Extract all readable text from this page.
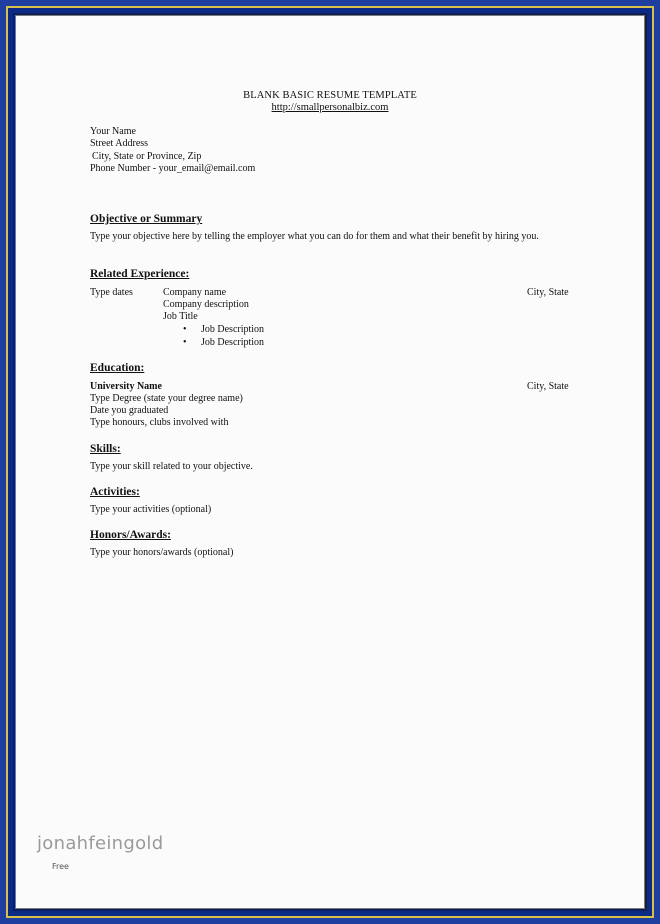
BLANK BASIC RESUME TEMPLATE
http://smallpersonalbiz.com
Your Name
Street Address
City, State or Province, Zip
Phone Number - your_email@email.com
Objective or Summary
Type your objective here by telling the employer what you can do for them and what their benefit by hiring you.
Related Experience:
Type dates	Company name	City, State
Company description
Job Title
• Job Description
• Job Description
Education:
University Name	City, State
Type Degree (state your degree name)
Date you graduated
Type honours, clubs involved with
Skills:
Type your skill related to your objective.
Activities:
Type your activities (optional)
Honors/Awards:
Type your honors/awards (optional)
jonahfeingold
Free
